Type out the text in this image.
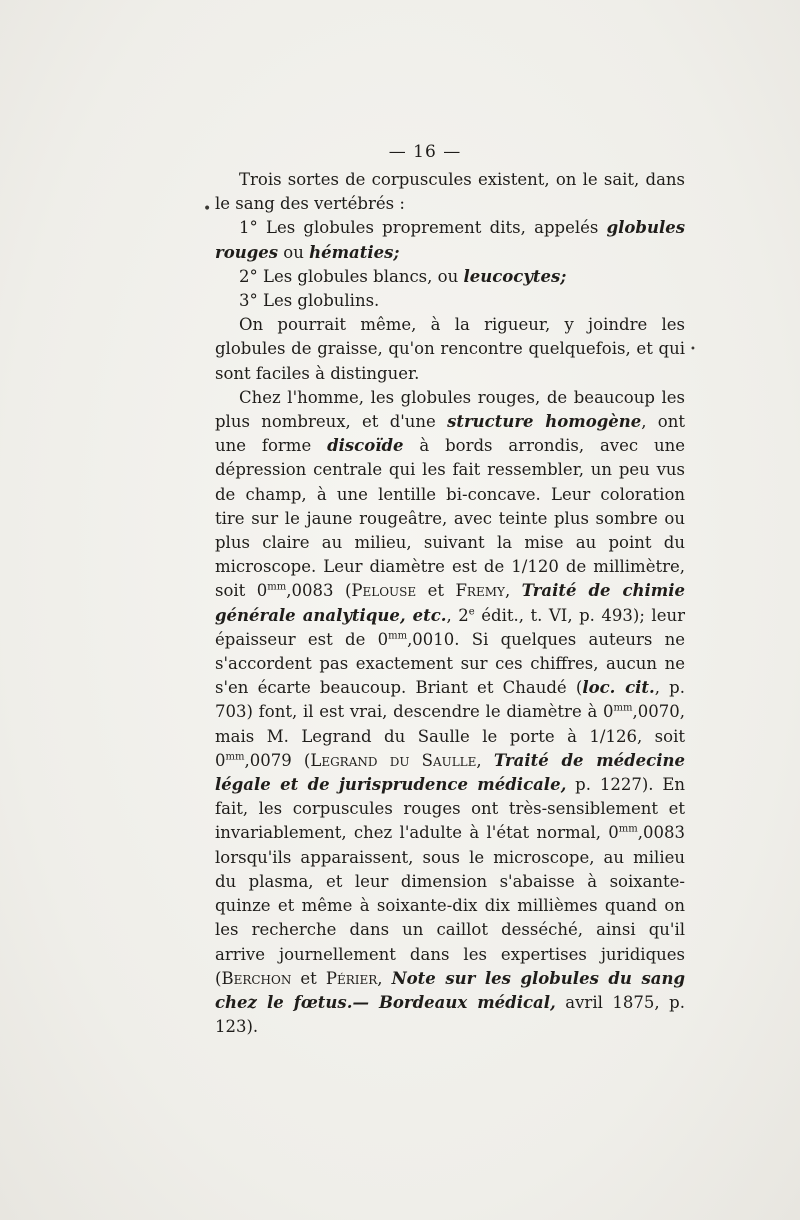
— 16 —
•
•

Trois sortes de corpuscules existent, on le sait, dans le sang des vertébrés :

1° Les globules proprement dits, appelés globules rouges ou hématies;

2° Les globules blancs, ou leucocytes;

3° Les globulins.

On pourrait même, à la rigueur, y joindre les globules de graisse, qu'on rencontre quelquefois, et qui sont faciles à distinguer.

Chez l'homme, les globules rouges, de beaucoup les plus nombreux, et d'une structure homogène, ont une forme discoïde à bords arrondis, avec une dépression centrale qui les fait ressembler, un peu vus de champ, à une lentille bi-concave. Leur coloration tire sur le jaune rougeâtre, avec teinte plus sombre ou plus claire au milieu, suivant la mise au point du microscope. Leur diamètre est de 1/120 de millimètre, soit $0^{mm},0083$ (Pelouse et Fremy, Traité de chimie générale analytique, etc., 2e édit., t. VI, p. 493); leur épaisseur est de $0^{mm},0010$. Si quelques auteurs ne s'accordent pas exactement sur ces chiffres, aucun ne s'en écarte beaucoup. Briant et Chaudé (loc. cit., p. 703) font, il est vrai, descendre le diamètre à $0^{mm},0070$, mais M. Legrand du Saulle le porte à 1/126, soit $0^{mm},0079$ (Legrand du Saulle, Traité de médecine légale et de jurisprudence médicale, p. 1227). En fait, les corpuscules rouges ont très-sensiblement et invariablement, chez l'adulte à l'état normal, $0^{mm},0083$ lorsqu'ils apparaissent, sous le microscope, au milieu du plasma, et leur dimension s'abaisse à soixante-quinze et même à soixante-dix dix millièmes quand on les recherche dans un caillot desséché, ainsi qu'il arrive journellement dans les expertises juridiques (Berchon et Périer, Note sur les globules du sang chez le fœtus.— Bordeaux médical, avril 1875, p. 123).
